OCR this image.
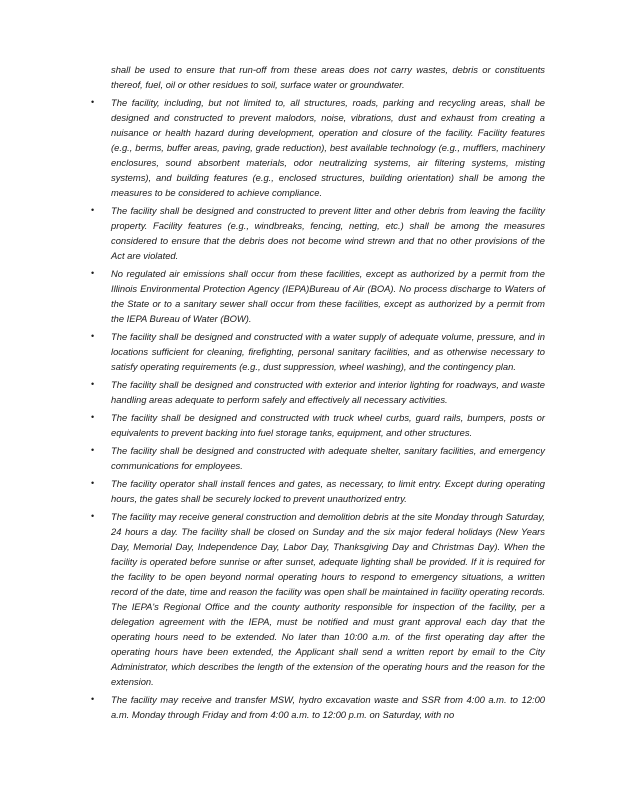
shall be used to ensure that run-off from these areas does not carry wastes, debris or constituents thereof, fuel, oil or other residues to soil, surface water or groundwater.

• The facility, including, but not limited to, all structures, roads, parking and recycling areas, shall be designed and constructed to prevent malodors, noise, vibrations, dust and exhaust from creating a nuisance or health hazard during development, operation and closure of the facility. Facility features (e.g., berms, buffer areas, paving, grade reduction), best available technology (e.g., mufflers, machinery enclosures, sound absorbent materials, odor neutralizing systems, air filtering systems, misting systems), and building features (e.g., enclosed structures, building orientation) shall be among the measures to be considered to achieve compliance.
• The facility shall be designed and constructed to prevent litter and other debris from leaving the facility property. Facility features (e.g., windbreaks, fencing, netting, etc.) shall be among the measures considered to ensure that the debris does not become wind strewn and that no other provisions of the Act are violated.
• No regulated air emissions shall occur from these facilities, except as authorized by a permit from the Illinois Environmental Protection Agency (IEPA)Bureau of Air (BOA). No process discharge to Waters of the State or to a sanitary sewer shall occur from these facilities, except as authorized by a permit from the IEPA Bureau of Water (BOW).
• The facility shall be designed and constructed with a water supply of adequate volume, pressure, and in locations sufficient for cleaning, firefighting, personal sanitary facilities, and as otherwise necessary to satisfy operating requirements (e.g., dust suppression, wheel washing), and the contingency plan.
• The facility shall be designed and constructed with exterior and interior lighting for roadways, and waste handling areas adequate to perform safely and effectively all necessary activities.
• The facility shall be designed and constructed with truck wheel curbs, guard rails, bumpers, posts or equivalents to prevent backing into fuel storage tanks, equipment, and other structures.
• The facility shall be designed and constructed with adequate shelter, sanitary facilities, and emergency communications for employees.
• The facility operator shall install fences and gates, as necessary, to limit entry. Except during operating hours, the gates shall be securely locked to prevent unauthorized entry.
• The facility may receive general construction and demolition debris at the site Monday through Saturday, 24 hours a day. The facility shall be closed on Sunday and the six major federal holidays (New Years Day, Memorial Day, Independence Day, Labor Day, Thanksgiving Day and Christmas Day). When the facility is operated before sunrise or after sunset, adequate lighting shall be provided. If it is required for the facility to be open beyond normal operating hours to respond to emergency situations, a written record of the date, time and reason the facility was open shall be maintained in facility operating records. The IEPA's Regional Office and the county authority responsible for inspection of the facility, per a delegation agreement with the IEPA, must be notified and must grant approval each day that the operating hours need to be extended. No later than 10:00 a.m. of the first operating day after the operating hours have been extended, the Applicant shall send a written report by email to the City Administrator, which describes the length of the extension of the operating hours and the reason for the extension.
• The facility may receive and transfer MSW, hydro excavation waste and SSR from 4:00 a.m. to 12:00 a.m. Monday through Friday and from 4:00 a.m. to 12:00 p.m. on Saturday, with no
